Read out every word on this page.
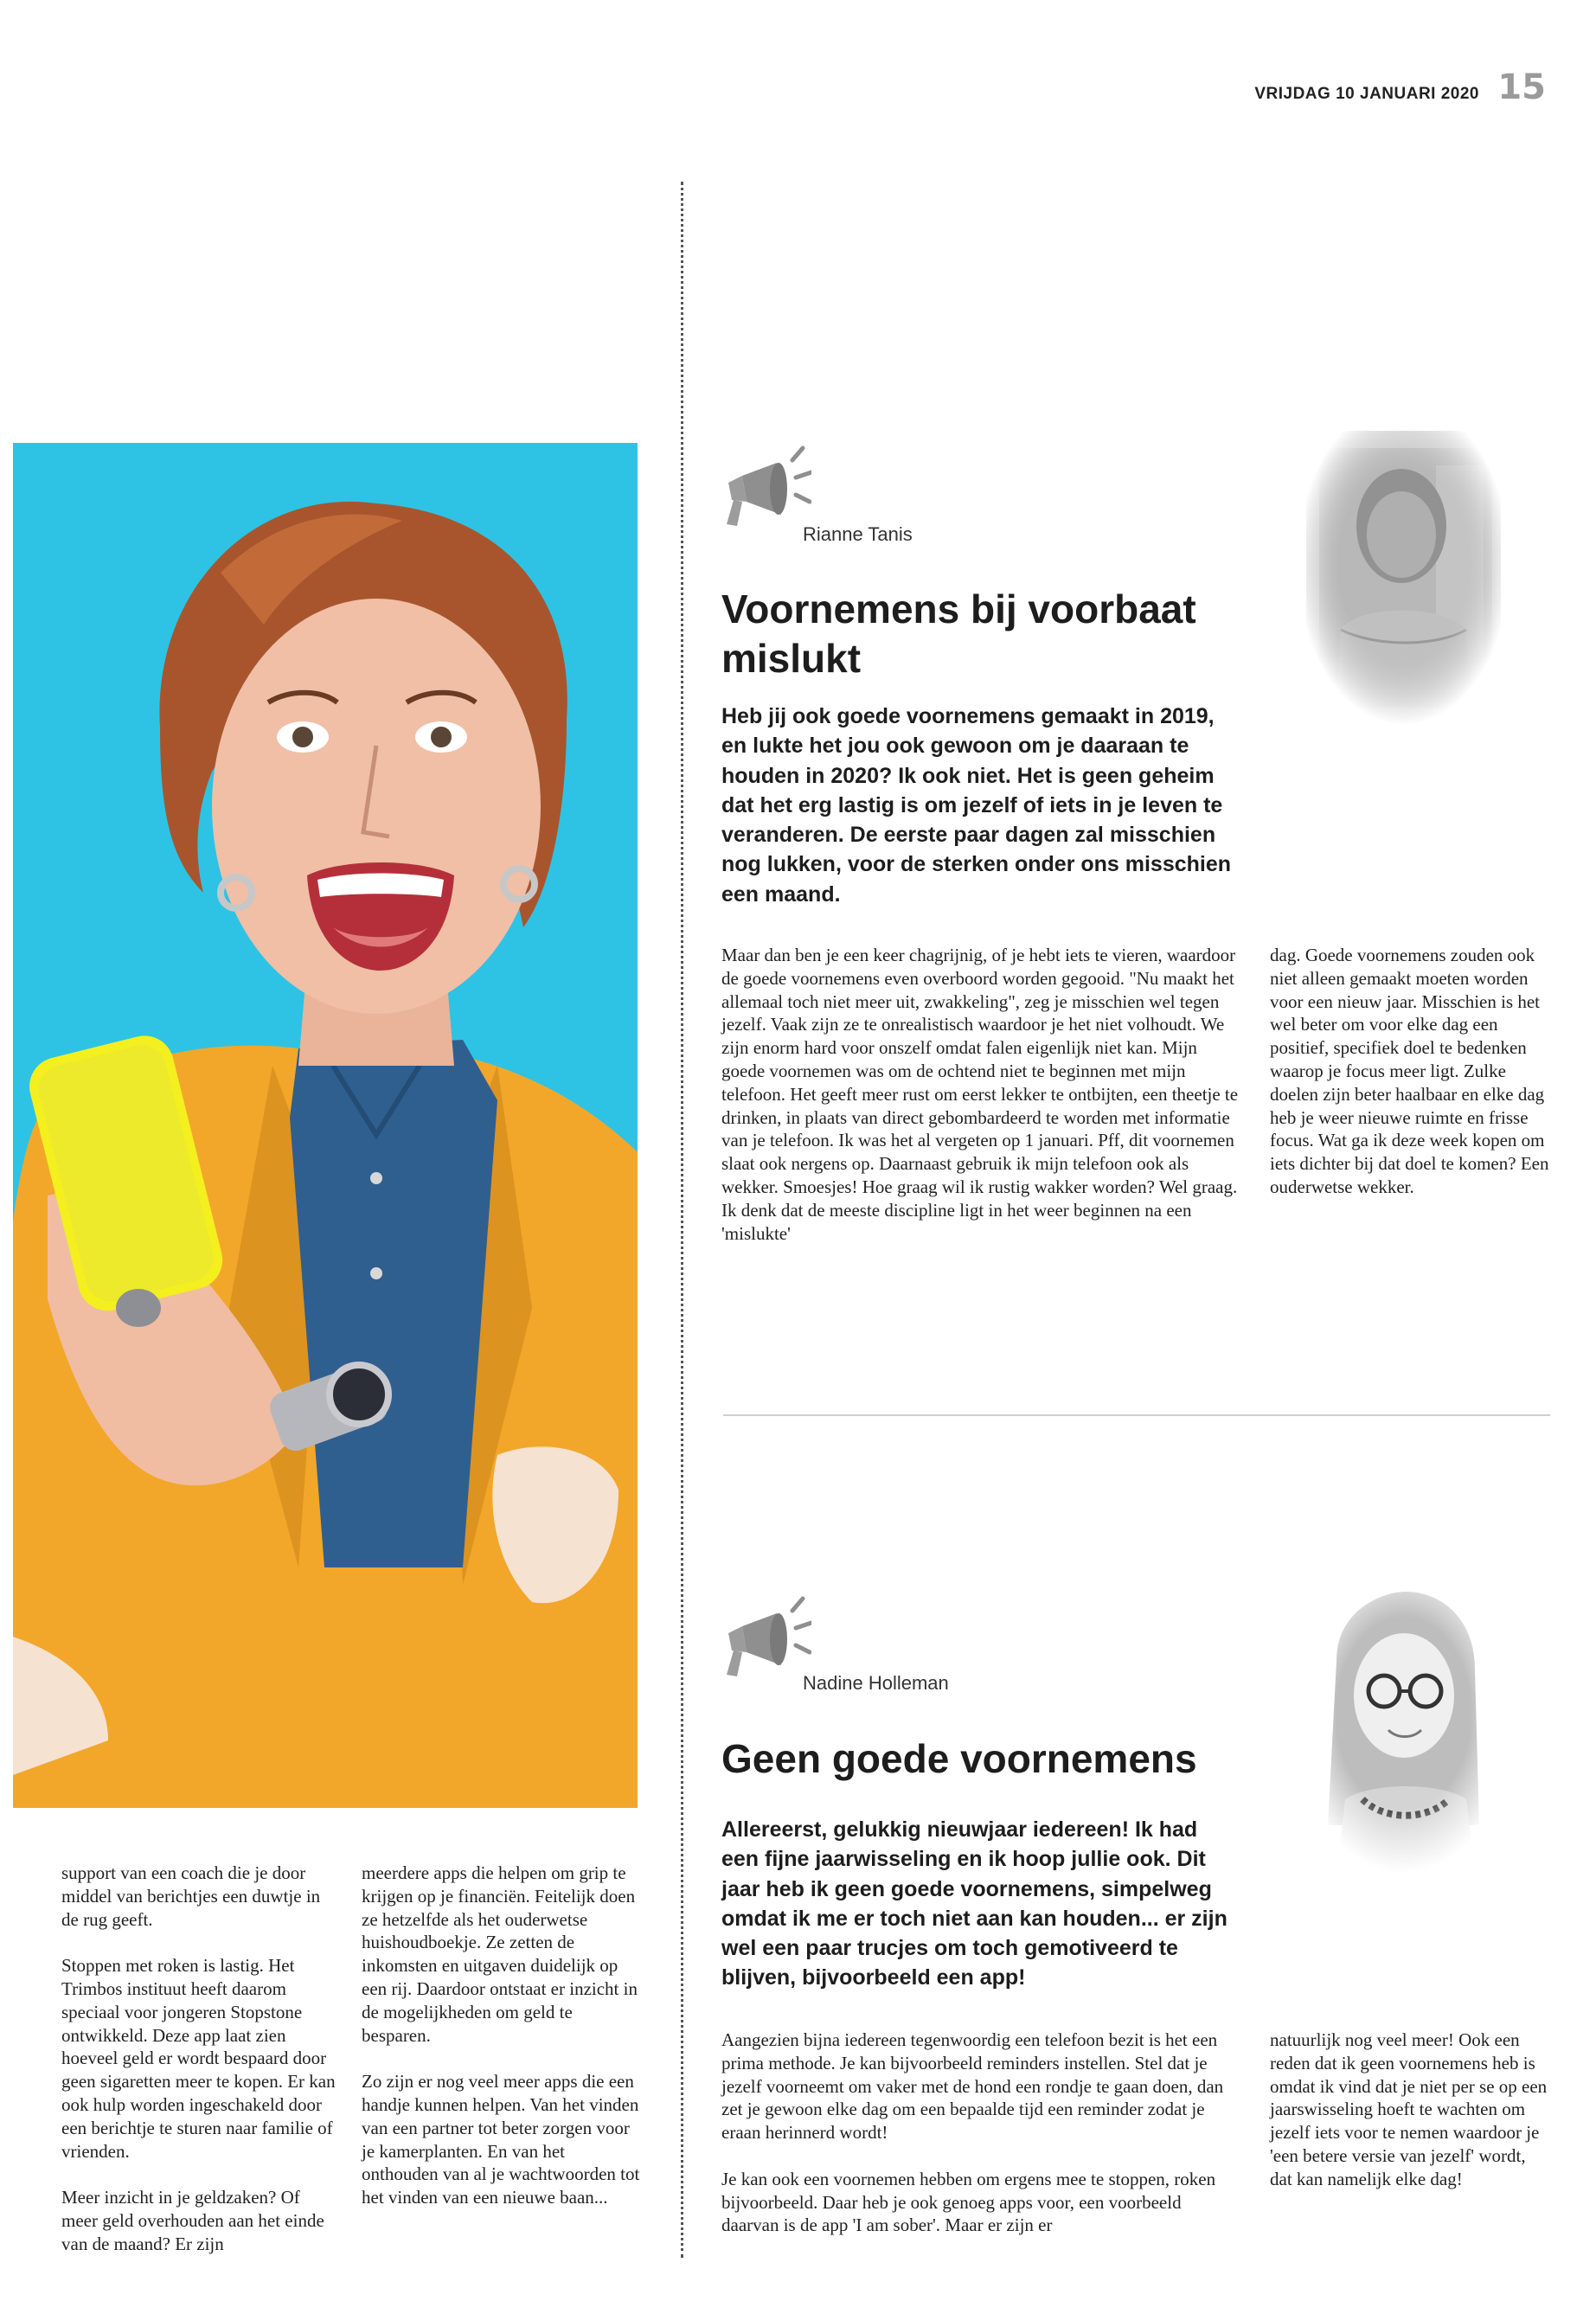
VRIJDAG 10 JANUARI 2020 15

support van een coach die je door middel van berichtjes een duwtje in de rug geeft.

Stoppen met roken is lastig. Het Trimbos instituut heeft daarom speciaal voor jongeren Stopstone ontwikkeld. Deze app laat zien hoeveel geld er wordt bespaard door geen sigaretten meer te kopen. Er kan ook hulp worden ingeschakeld door een berichtje te sturen naar familie of vrienden.

Meer inzicht in je geldzaken? Of meer geld overhouden aan het einde van de maand? Er zijn

meerdere apps die helpen om grip te krijgen op je financiën. Feitelijk doen ze hetzelfde als het ouderwetse huishoudboekje. Ze zetten de inkomsten en uitgaven duidelijk op een rij. Daardoor ontstaat er inzicht in de mogelijkheden om geld te besparen.

Zo zijn er nog veel meer apps die een handje kunnen helpen. Van het vinden van een partner tot beter zorgen voor je kamerplanten. En van het onthouden van al je wachtwoorden tot het vinden van een nieuwe baan...

Rianne Tanis
Voornemens bij voorbaat mislukt

Heb jij ook goede voornemens gemaakt in 2019, en lukte het jou ook gewoon om je daaraan te houden in 2020? Ik ook niet. Het is geen geheim dat het erg lastig is om jezelf of iets in je leven te veranderen. De eerste paar dagen zal misschien nog lukken, voor de sterken onder ons misschien een maand.

Maar dan ben je een keer chagrijnig, of je hebt iets te vieren, waardoor de goede voornemens even overboord worden gegooid. "Nu maakt het allemaal toch niet meer uit, zwakkeling", zeg je misschien wel tegen jezelf. Vaak zijn ze te onrealistisch waardoor je het niet volhoudt. We zijn enorm hard voor onszelf omdat falen eigenlijk niet kan. Mijn goede voornemen was om de ochtend niet te beginnen met mijn telefoon. Het geeft meer rust om eerst lekker te ontbijten, een theetje te drinken, in plaats van direct gebombardeerd te worden met informatie van je telefoon. Ik was het al vergeten op 1 januari. Pff, dit voornemen slaat ook nergens op. Daarnaast gebruik ik mijn telefoon ook als wekker. Smoesjes! Hoe graag wil ik rustig wakker worden? Wel graag. Ik denk dat de meeste discipline ligt in het weer beginnen na een 'mislukte'

dag. Goede voornemens zouden ook niet alleen gemaakt moeten worden voor een nieuw jaar. Misschien is het wel beter om voor elke dag een positief, specifiek doel te bedenken waarop je focus meer ligt. Zulke doelen zijn beter haalbaar en elke dag heb je weer nieuwe ruimte en frisse focus. Wat ga ik deze week kopen om iets dichter bij dat doel te komen? Een ouderwetse wekker.

Nadine Holleman
Geen goede voornemens

Allereerst, gelukkig nieuwjaar iedereen! Ik had een fijne jaarwisseling en ik hoop jullie ook. Dit jaar heb ik geen goede voornemens, simpelweg omdat ik me er toch niet aan kan houden... er zijn wel een paar trucjes om toch gemotiveerd te blijven, bijvoorbeeld een app!

Aangezien bijna iedereen tegenwoordig een telefoon bezit is het een prima methode. Je kan bijvoorbeeld reminders instellen. Stel dat je jezelf voorneemt om vaker met de hond een rondje te gaan doen, dan zet je gewoon elke dag om een bepaalde tijd een reminder zodat je eraan herinnerd wordt!

Je kan ook een voornemen hebben om ergens mee te stoppen, roken bijvoorbeeld. Daar heb je ook genoeg apps voor, een voorbeeld daarvan is de app 'I am sober'. Maar er zijn er

natuurlijk nog veel meer! Ook een reden dat ik geen voornemens heb is omdat ik vind dat je niet per se op een jaarswisseling hoeft te wachten om jezelf iets voor te nemen waardoor je 'een betere versie van jezelf' wordt, dat kan namelijk elke dag!
